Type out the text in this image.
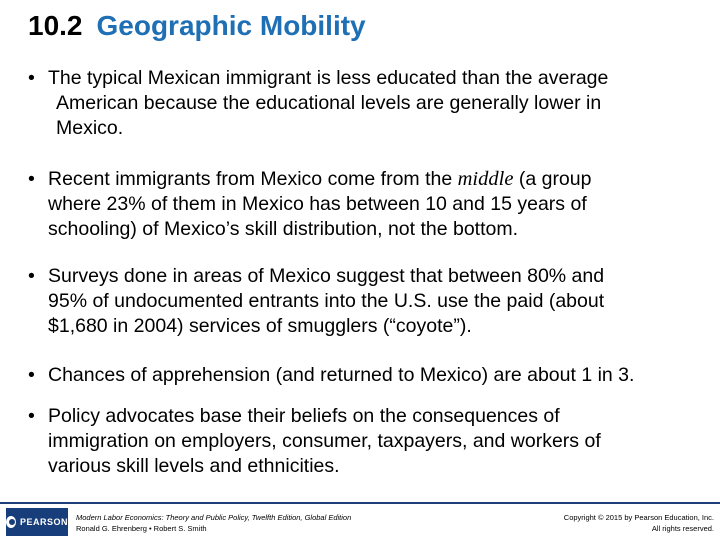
10.2 Geographic Mobility
• The typical Mexican immigrant is less educated than the average
American because the educational levels are generally lower in
Mexico.
• Recent immigrants from Mexico come from the middle (a group
where 23% of them in Mexico has between 10 and 15 years of
schooling) of Mexico’s skill distribution, not the bottom.
• Surveys done in areas of Mexico suggest that between 80% and
95% of undocumented entrants into the U.S. use the paid (about
$1,680 in 2004) services of smugglers (“coyote”).
• Chances of apprehension (and returned to Mexico) are about 1 in 3.
• Policy advocates base their beliefs on the consequences of
immigration on employers, consumer, taxpayers, and workers of
various skill levels and ethnicities.
PEARSON Modern Labor Economics: Theory and Public Policy, Twelfth Edition, Global Edition
Ronald G. Ehrenberg • Robert S. Smith
Copyright © 2015 by Pearson Education, Inc.
All rights reserved.
